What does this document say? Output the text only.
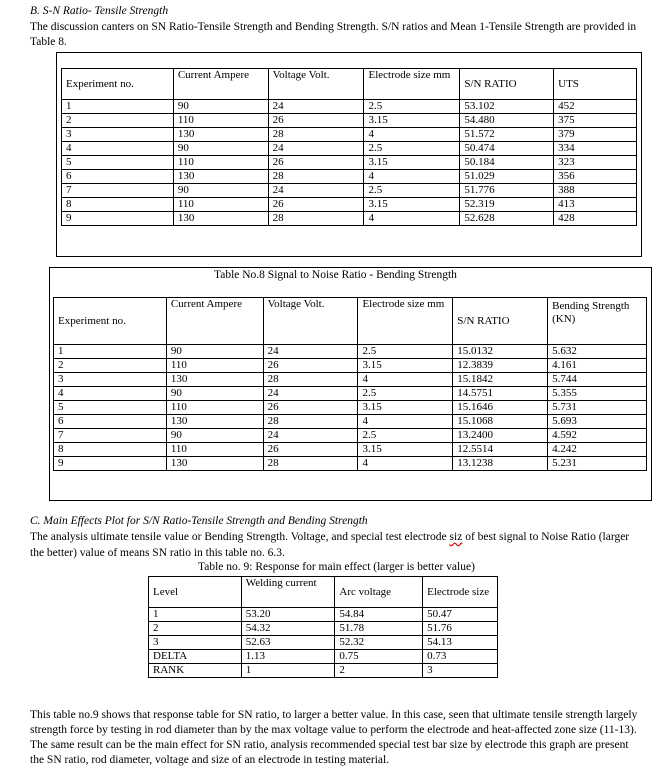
B. S-N Ratio- Tensile Strength
The discussion canters on SN Ratio-Tensile Strength and Bending Strength. S/N ratios and Mean 1-Tensile Strength are provided in
Table 8.
Experiment no.	Current Ampere	Voltage Volt.	Electrode size mm	S/N RATIO	UTS
1	90	24	2.5	53.102	452
2	110	26	3.15	54.480	375
3	130	28	4	51.572	379
4	90	24	2.5	50.474	334
5	110	26	3.15	50.184	323
6	130	28	4	51.029	356
7	90	24	2.5	51.776	388
8	110	26	3.15	52.319	413
9	130	28	4	52.628	428
Table No.8 Signal to Noise Ratio - Bending Strength
Experiment no.	Current Ampere	Voltage Volt.	Electrode size mm	S/N RATIO	Bending Strength (KN)
1	90	24	2.5	15.0132	5.632
2	110	26	3.15	12.3839	4.161
3	130	28	4	15.1842	5.744
4	90	24	2.5	14.5751	5.355
5	110	26	3.15	15.1646	5.731
6	130	28	4	15.1068	5.693
7	90	24	2.5	13.2400	4.592
8	110	26	3.15	12.5514	4.242
9	130	28	4	13.1238	5.231
C. Main Effects Plot for S/N Ratio-Tensile Strength and Bending Strength
The analysis ultimate tensile value or Bending Strength. Voltage, and special test electrode siz of best signal to Noise Ratio (larger
the better) value of means SN ratio in this table no. 6.3.
Table no. 9: Response for main effect (larger is better value)
Level	Welding current	Arc voltage	Electrode size
1	53.20	54.84	50.47
2	54.32	51.78	51.76
3	52.63	52.32	54.13
DELTA	1.13	0.75	0.73
RANK	1	2	3
This table no.9 shows that response table for SN ratio, to larger a better value. In this case, seen that ultimate tensile strength largely
strength force by testing in rod diameter than by the max voltage value to perform the electrode and heat-affected zone size (11-13).
The same result can be the main effect for SN ratio, analysis recommended special test bar size by electrode this graph are present
the SN ratio, rod diameter, voltage and size of an electrode in testing material.
